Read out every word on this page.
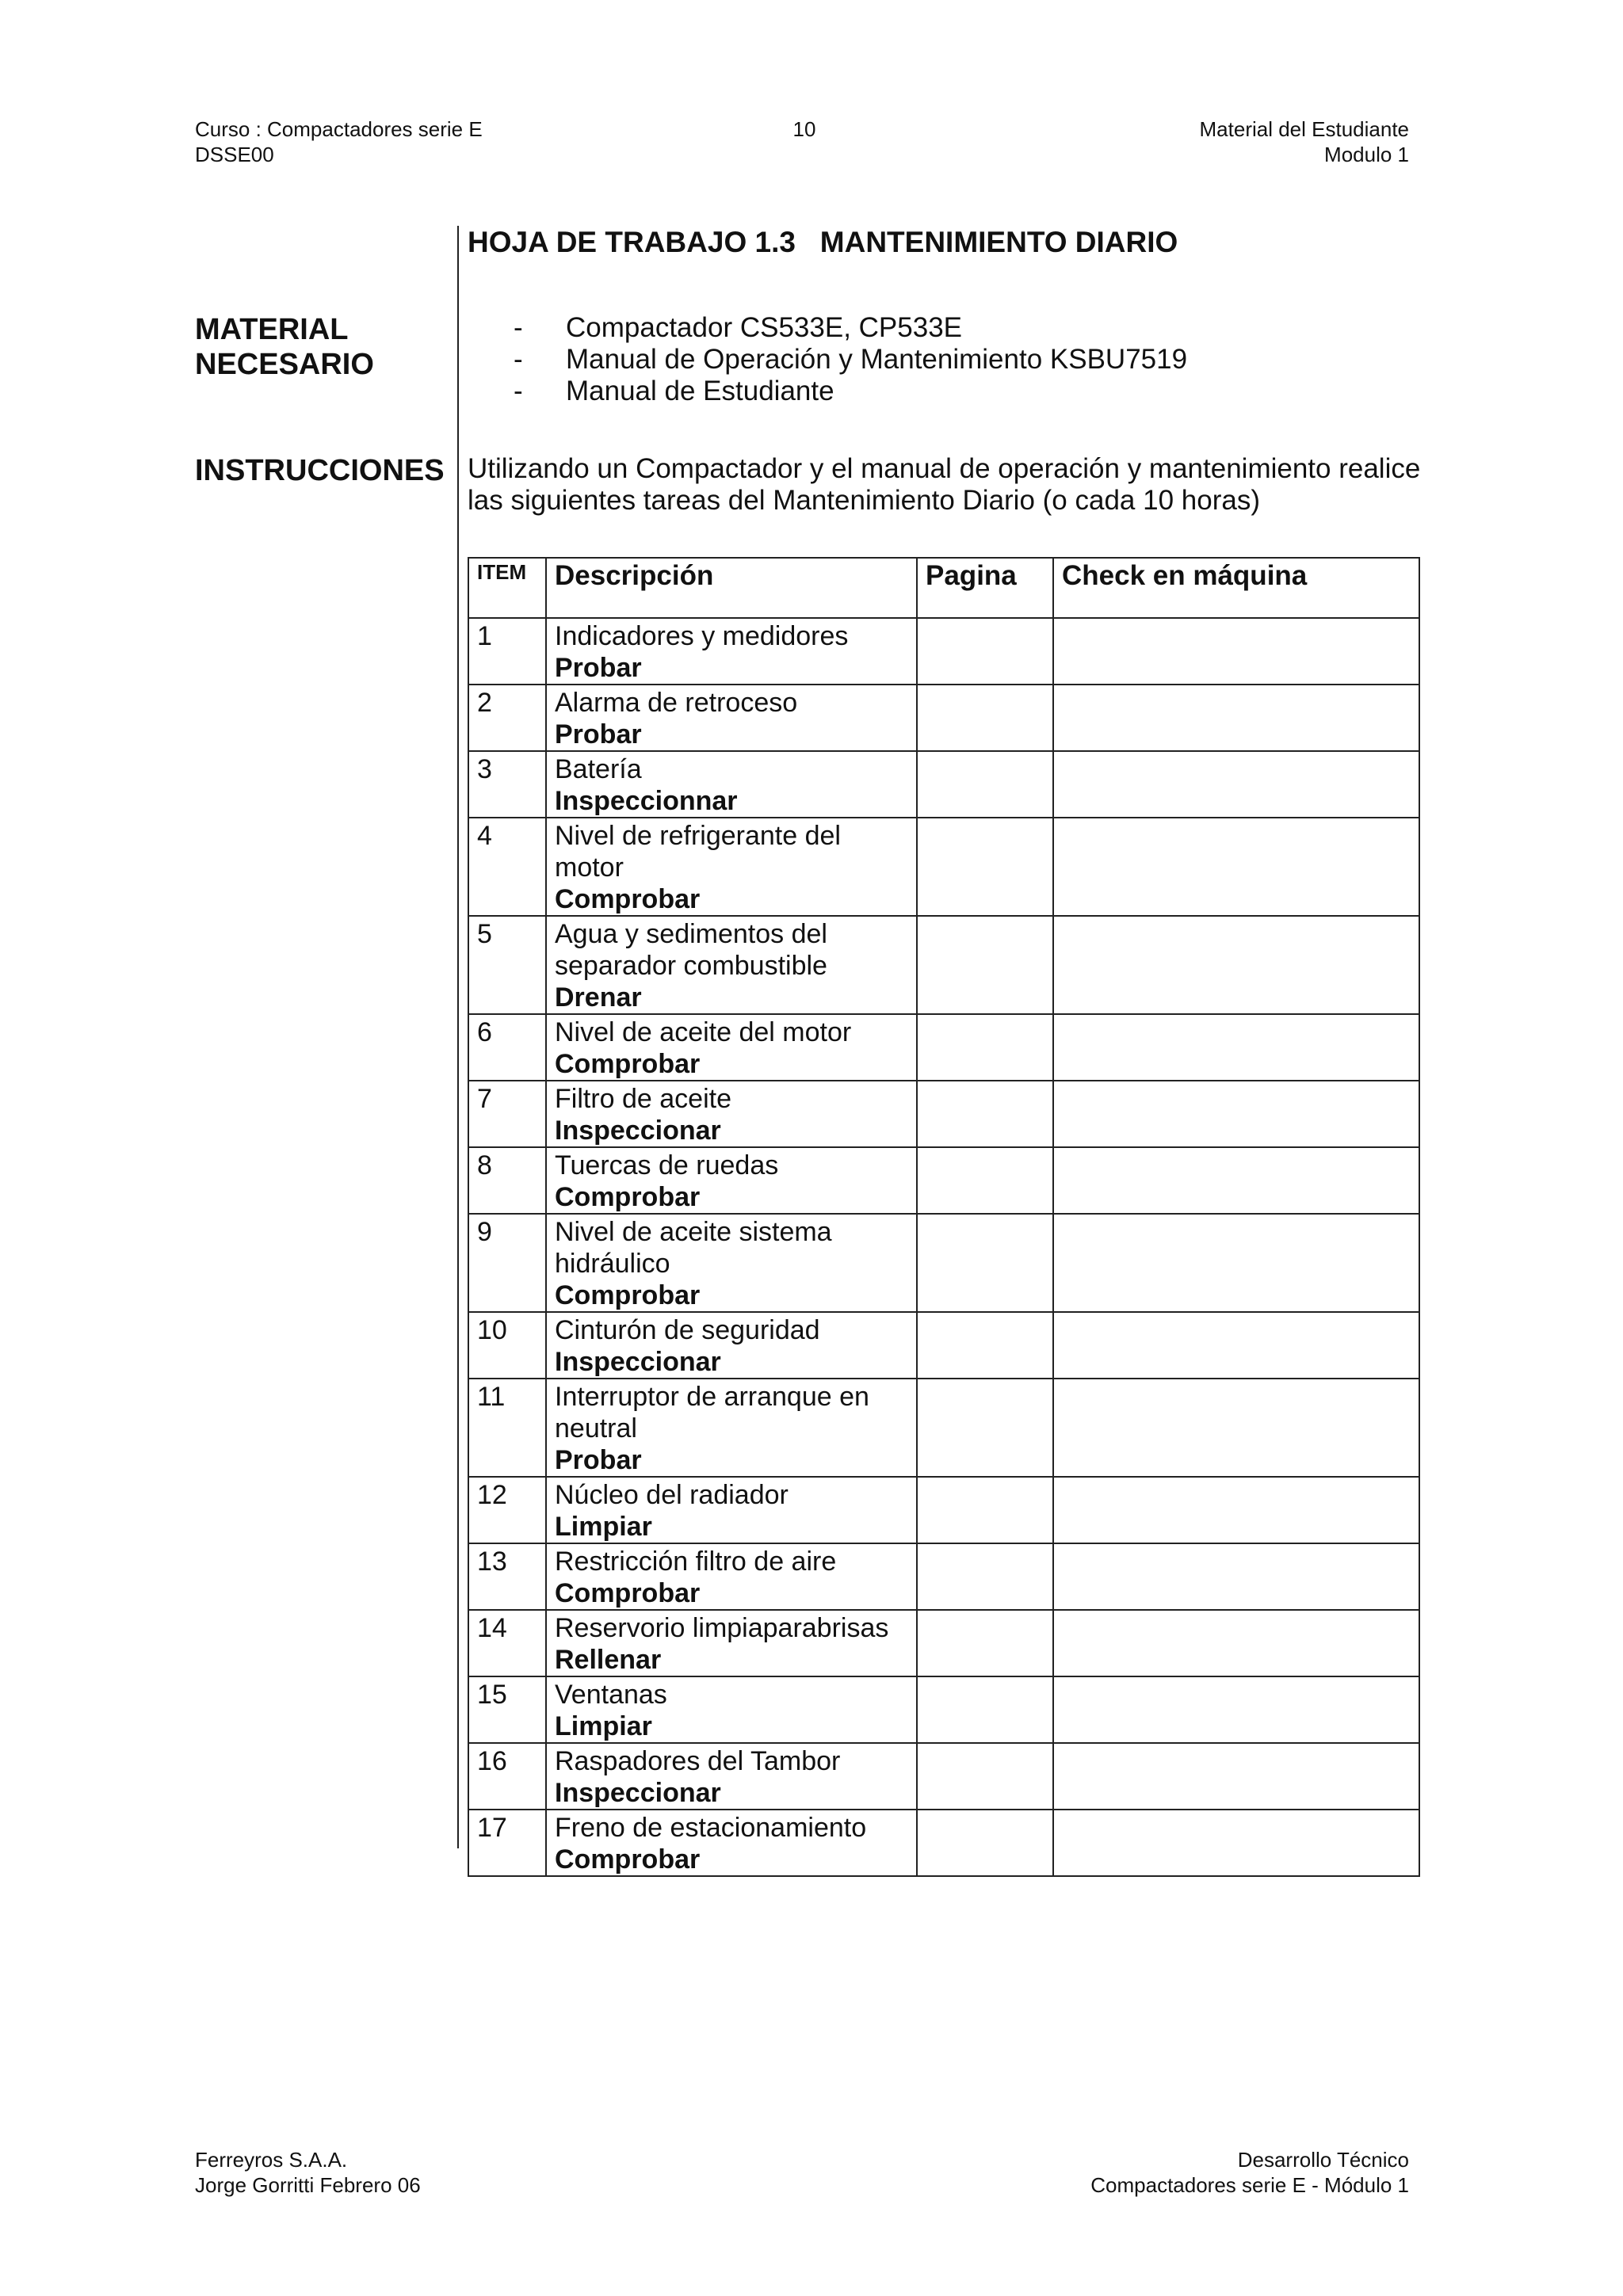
Curso : Compactadores serie E
DSSE00
10	Material del Estudiante
Modulo 1
HOJA DE TRABAJO 1.3   MANTENIMIENTO DIARIO
MATERIAL
NECESARIO
-	Compactador CS533E, CP533E
-	Manual de Operación y Mantenimiento KSBU7519
-	Manual de Estudiante
INSTRUCCIONES Utilizando un Compactador y el manual de operación y mantenimiento realice las siguientes tareas del Mantenimiento Diario (o cada 10 horas)
ITEM	Descripción	Pagina	Check en máquina
1	Indicadores y medidores
Probar		

2	Alarma de retroceso
Probar		

3	Batería
Inspeccionnar		

4	Nivel de refrigerante del motor
Comprobar		

5	Agua y sedimentos del separador combustible
Drenar		

6	Nivel de aceite del motor
Comprobar		

7	Filtro de aceite
Inspeccionar		

8	Tuercas de ruedas
Comprobar		

9	Nivel de aceite sistema hidráulico
Comprobar		

10	Cinturón de seguridad
Inspeccionar		

11	Interruptor de arranque en neutral
Probar		

12	Núcleo del radiador
Limpiar		

13	Restricción filtro de aire
Comprobar		

14	Reservorio limpiaparabrisas
Rellenar		

15	Ventanas
Limpiar		

16	Raspadores del Tambor
Inspeccionar		

17	Freno de estacionamiento
Comprobar		

Ferreyros S.A.A.
Jorge Gorritti Febrero 06
Desarrollo Técnico
Compactadores serie E - Módulo 1
